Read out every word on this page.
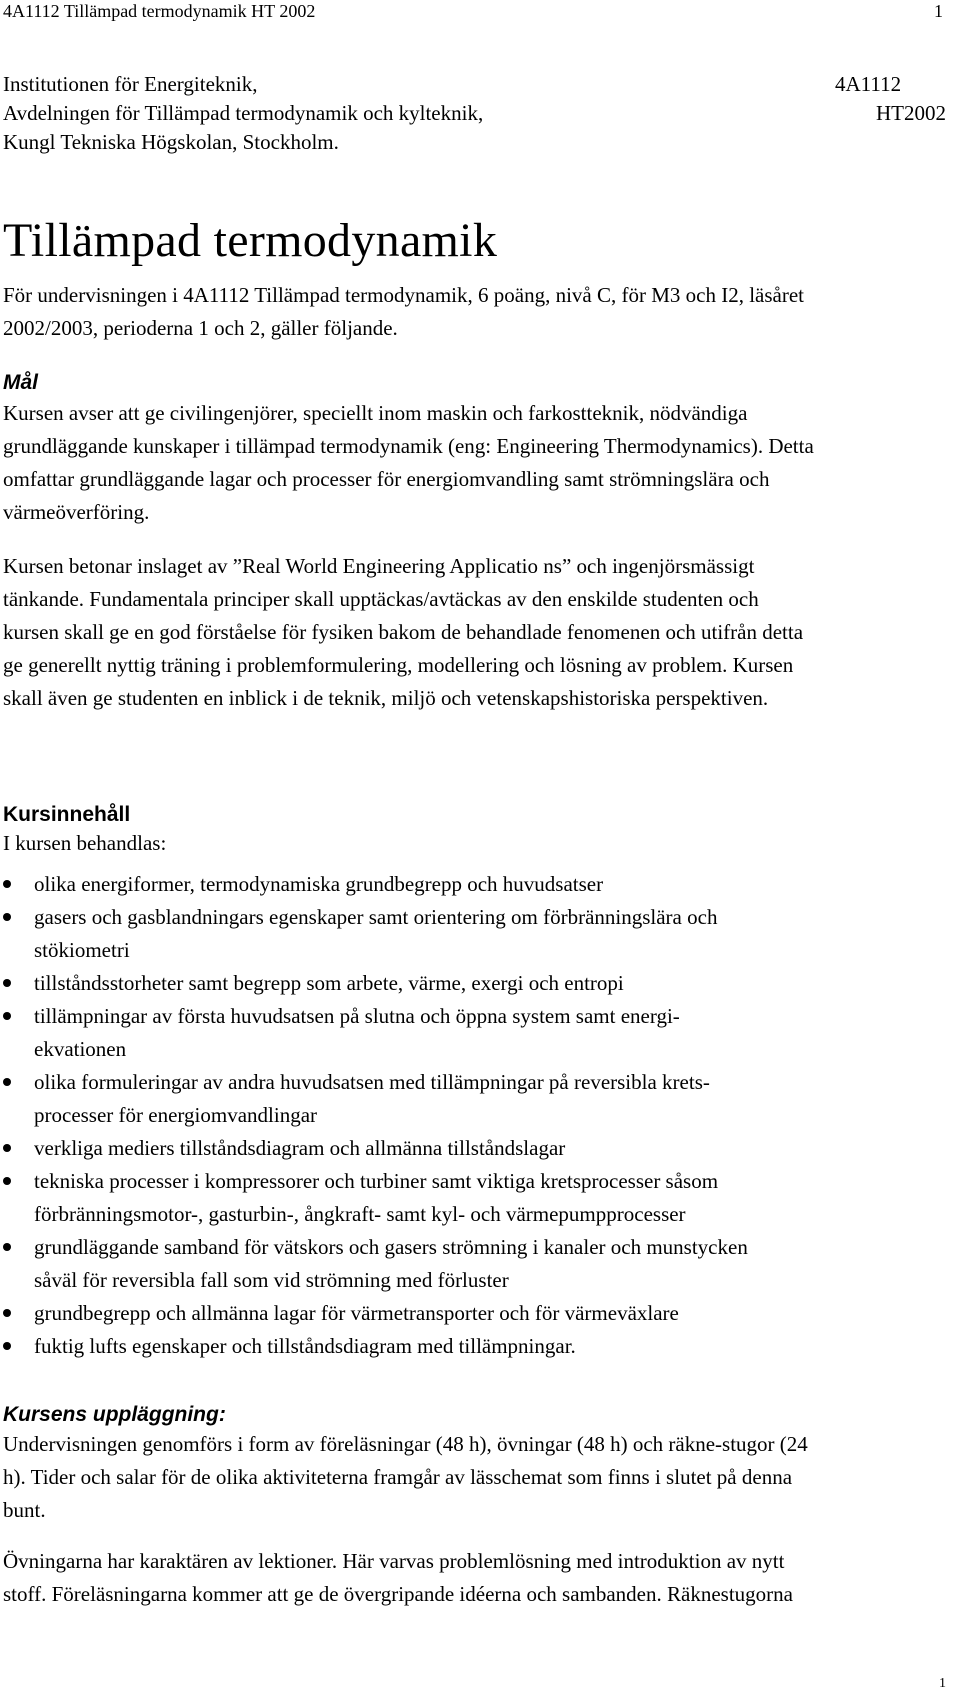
4A1112 Tillämpad termodynamik HT 2002	1
Institutionen för Energiteknik,	4A1112
Avdelningen för Tillämpad termodynamik och kylteknik,	HT2002
Kungl Tekniska Högskolan, Stockholm.
Tillämpad termodynamik

För undervisningen i 4A1112 Tillämpad termodynamik, 6 poäng, nivå C, för M3 och I2, läsåret
2002/2003, perioderna 1 och 2, gäller följande.

Mål

Kursen avser att ge civilingenjörer, speciellt inom maskin och farkostteknik, nödvändiga
grundläggande kunskaper i tillämpad termodynamik (eng: Engineering Thermodynamics). Detta
omfattar grundläggande lagar och processer för energiomvandling samt strömningslära och
värmeöverföring.

Kursen betonar inslaget av ”Real World Engineering Applicatio ns” och ingenjörsmässigt
tänkande. Fundamentala principer skall upptäckas/avtäckas av den enskilde studenten och
kursen skall ge en god förståelse för fysiken bakom de behandlade fenomenen och utifrån detta
ge generellt nyttig träning i problemformulering, modellering och lösning av problem. Kursen
skall även ge studenten en inblick i de teknik, miljö och vetenskapshistoriska perspektiven.

Kursinnehåll

I kursen behandlas:

olika energiformer, termodynamiska grundbegrepp och huvudsatser
gasers och gasblandningars egenskaper samt orientering om förbränningslära och
stökiometri
tillståndsstorheter samt begrepp som arbete, värme, exergi och entropi
tillämpningar av första huvudsatsen på slutna och öppna system samt energi-
ekvationen
olika formuleringar av andra huvudsatsen med tillämpningar på reversibla krets-
processer för energiomvandlingar
verkliga mediers tillståndsdiagram och allmänna tillståndslagar
tekniska processer i kompressorer och turbiner samt viktiga kretsprocesser såsom
förbränningsmotor-, gasturbin-, ångkraft- samt kyl- och värmepumpprocesser
grundläggande samband för vätskors och gasers strömning i kanaler och munstycken
såväl för reversibla fall som vid strömning med förluster
grundbegrepp och allmänna lagar för värmetransporter och för värmeväxlare
fuktig lufts egenskaper och tillståndsdiagram med tillämpningar.
Kursens uppläggning:

Undervisningen genomförs i form av föreläsningar (48 h), övningar (48 h) och räkne-stugor (24
h). Tider och salar för de olika aktiviteterna framgår av lässchemat som finns i slutet på denna
bunt.

Övningarna har karaktären av lektioner. Här varvas problemlösning med introduktion av nytt
stoff. Föreläsningarna kommer att ge de övergripande idéerna och sambanden. Räknestugorna

1
